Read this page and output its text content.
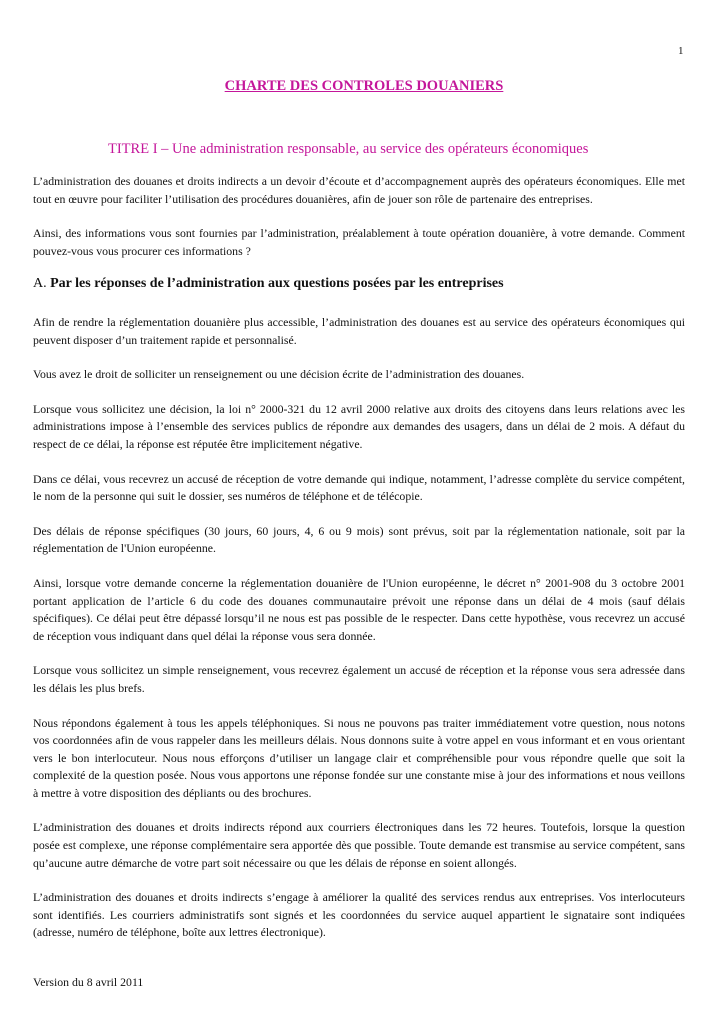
1
CHARTE DES CONTROLES DOUANIERS
TITRE I – Une administration responsable, au service des opérateurs économiques

L’administration des douanes et droits indirects a un devoir d’écoute et d’accompagnement auprès des opérateurs économiques. Elle met tout en œuvre pour faciliter l’utilisation des procédures douanières, afin de jouer son rôle de partenaire des entreprises.

Ainsi, des informations vous sont fournies par l’administration, préalablement à toute opération douanière, à votre demande. Comment pouvez-vous vous procurer ces informations ?

A. Par les réponses de l’administration aux questions posées par les entreprises

Afin de rendre la réglementation douanière plus accessible, l’administration des douanes est au service des opérateurs économiques qui peuvent disposer d’un traitement rapide et personnalisé.

Vous avez le droit de solliciter un renseignement ou une décision écrite de l’administration des douanes.

Lorsque vous sollicitez une décision, la loi n° 2000-321 du 12 avril 2000 relative aux droits des citoyens dans leurs relations avec les administrations impose à l’ensemble des services publics de répondre aux demandes des usagers, dans un délai de 2 mois. A défaut du respect de ce délai, la réponse est réputée être implicitement négative.

Dans ce délai, vous recevrez un accusé de réception de votre demande qui indique, notamment, l’adresse complète du service compétent, le nom de la personne qui suit le dossier, ses numéros de téléphone et de télécopie.

Des délais de réponse spécifiques (30 jours, 60 jours, 4, 6 ou 9 mois) sont prévus, soit par la réglementation nationale, soit par la réglementation de l'Union européenne.

Ainsi, lorsque votre demande concerne la réglementation douanière de l'Union européenne, le décret n° 2001-908 du 3 octobre 2001 portant application de l’article 6 du code des douanes communautaire prévoit une réponse dans un délai de 4 mois (sauf délais spécifiques). Ce délai peut être dépassé lorsqu’il ne nous est pas possible de le respecter. Dans cette hypothèse, vous recevrez un accusé de réception vous indiquant dans quel délai la réponse vous sera donnée.

Lorsque vous sollicitez un simple renseignement, vous recevrez également un accusé de réception et la réponse vous sera adressée dans les délais les plus brefs.

Nous répondons également à tous les appels téléphoniques. Si nous ne pouvons pas traiter immédiatement votre question, nous notons vos coordonnées afin de vous rappeler dans les meilleurs délais. Nous donnons suite à votre appel en vous informant et en vous orientant vers le bon interlocuteur. Nous nous efforçons d’utiliser un langage clair et compréhensible pour vous répondre quelle que soit la complexité de la question posée. Nous vous apportons une réponse fondée sur une constante mise à jour des informations et nous veillons à mettre à votre disposition des dépliants ou des brochures.

L’administration des douanes et droits indirects répond aux courriers électroniques dans les 72 heures. Toutefois, lorsque la question posée est complexe, une réponse complémentaire sera apportée dès que possible. Toute demande est transmise au service compétent, sans qu’aucune autre démarche de votre part soit nécessaire ou que les délais de réponse en soient allongés.

L’administration des douanes et droits indirects s’engage à améliorer la qualité des services rendus aux entreprises. Vos interlocuteurs sont identifiés. Les courriers administratifs sont signés et les coordonnées du service auquel appartient le signataire sont indiquées (adresse, numéro de téléphone, boîte aux lettres électronique).

Version du 8 avril 2011
